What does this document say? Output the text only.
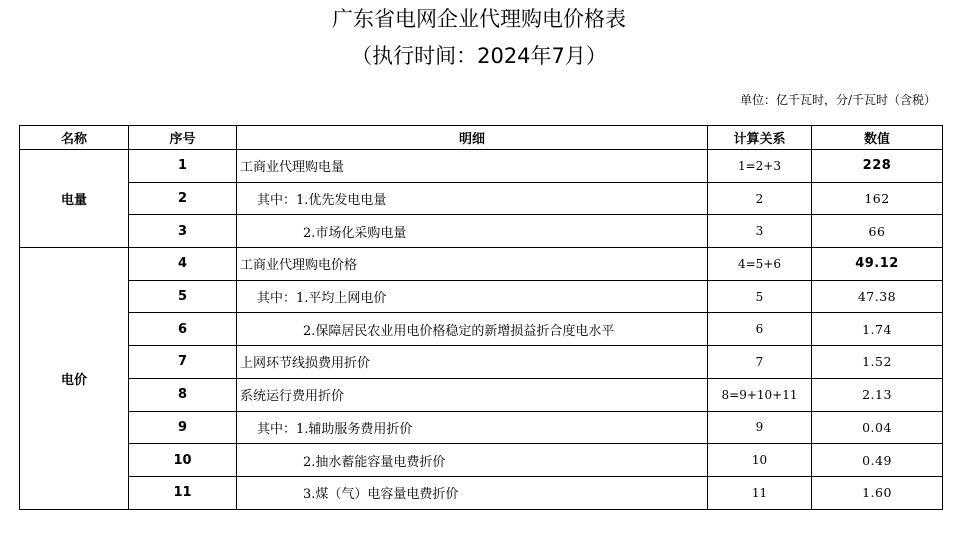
广东省电网企业代理购电价格表
（执行时间：2024年7月）
单位：亿千瓦时，分/千瓦时（含税）
名称	序号	明细	计算关系	数值
电量	1	工商业代理购电量	1=2+3	228
	2	其中：1.优先发电电量	2	162
	3	2.市场化采购电量	3	66
电价	4	工商业代理购电价格	4=5+6	49.12
	5	其中：1.平均上网电价	5	47.38
	6	2.保障居民农业用电价格稳定的新增损益折合度电水平	6	1.74
	7	上网环节线损费用折价	7	1.52
	8	系统运行费用折价	8=9+10+11	2.13
	9	其中：1.辅助服务费用折价	9	0.04
	10	2.抽水蓄能容量电费折价	10	0.49
	11	3.煤（气）电容量电费折价	11	1.60
